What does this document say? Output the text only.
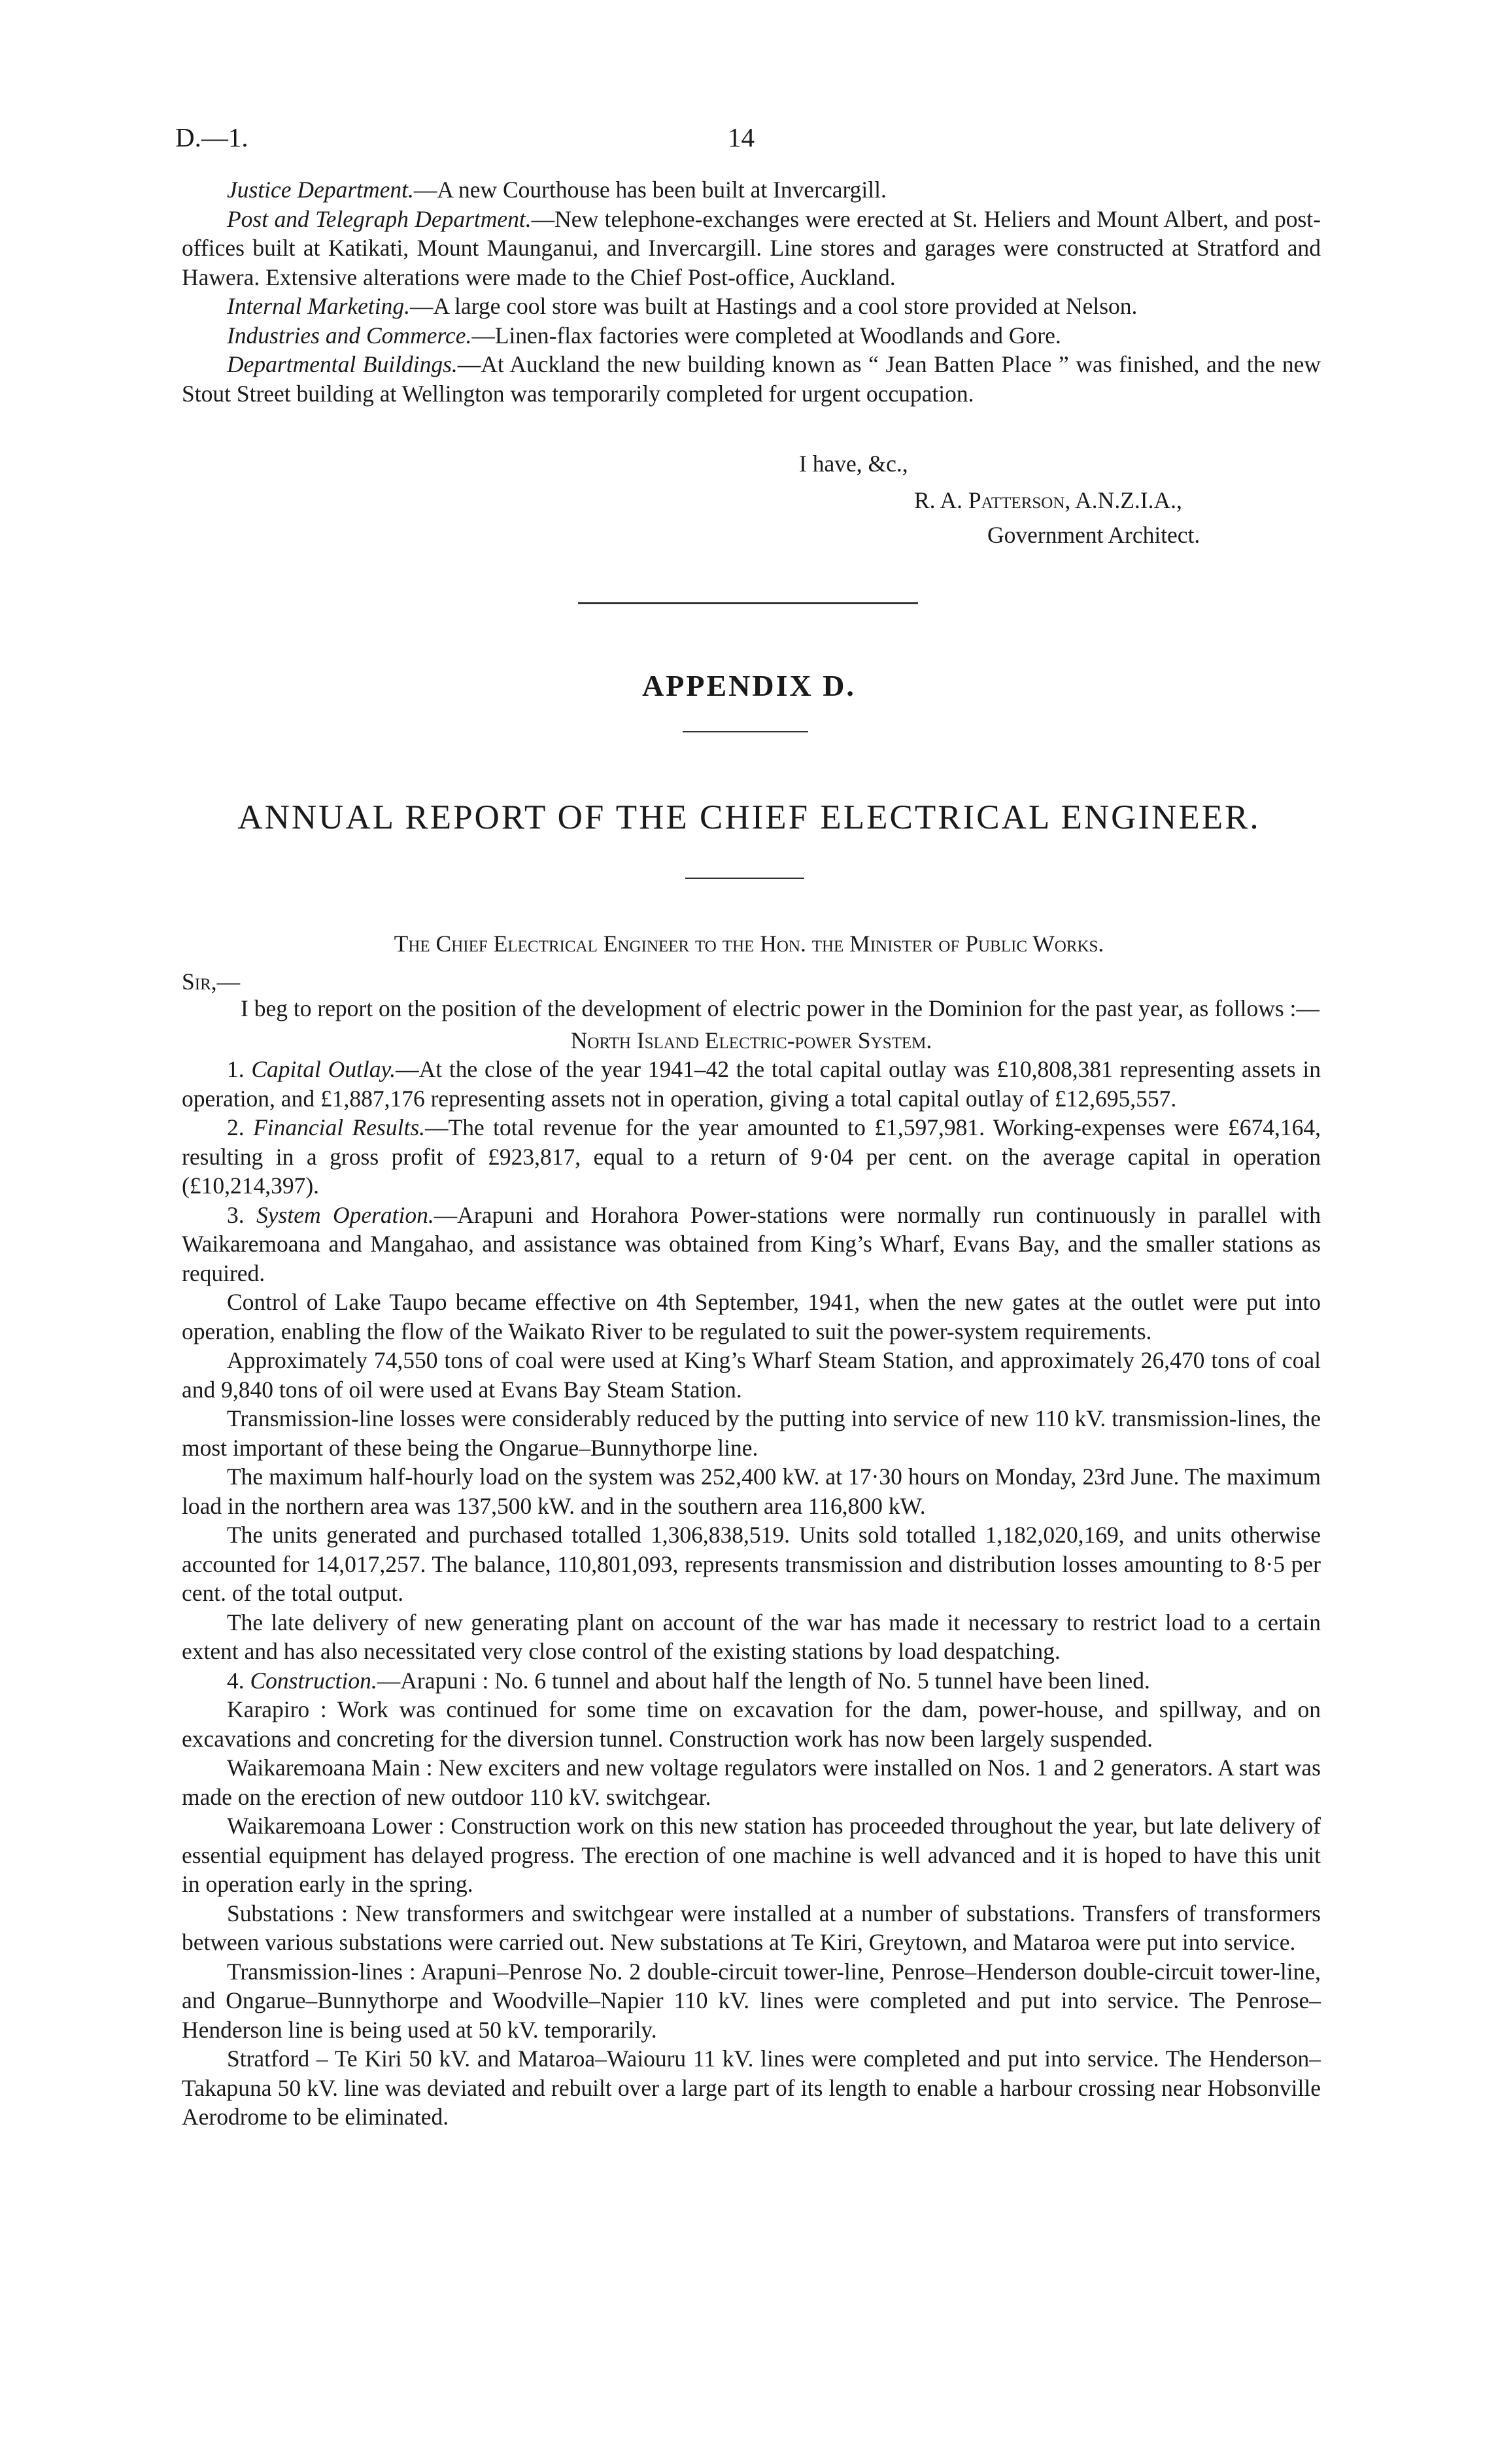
D.—1.	14

Justice Department.—A new Courthouse has been built at Invercargill.

Post and Telegraph Department.—New telephone-exchanges were erected at St. Heliers and Mount Albert, and post-offices built at Katikati, Mount Maunganui, and Invercargill. Line stores and garages were constructed at Stratford and Hawera. Extensive alterations were made to the Chief Post-office, Auckland.

Internal Marketing.—A large cool store was built at Hastings and a cool store provided at Nelson.

Industries and Commerce.—Linen-flax factories were completed at Woodlands and Gore.

Departmental Buildings.—At Auckland the new building known as “ Jean Batten Place ” was finished, and the new Stout Street building at Wellington was temporarily completed for urgent occupation.

I have, &c.,
R. A. Patterson, A.N.Z.I.A.,
Government Architect.
APPENDIX D.
ANNUAL REPORT OF THE CHIEF ELECTRICAL ENGINEER.
The Chief Electrical Engineer to the Hon. the Minister of Public Works.
Sir,—

I beg to report on the position of the development of electric power in the Dominion for the past year, as follows :—

North Island Electric-power System.

1. Capital Outlay.—At the close of the year 1941–42 the total capital outlay was £10,808,381 representing assets in operation, and £1,887,176 representing assets not in operation, giving a total capital outlay of £12,695,557.

2. Financial Results.—The total revenue for the year amounted to £1,597,981. Working-expenses were £674,164, resulting in a gross profit of £923,817, equal to a return of 9·04 per cent. on the average capital in operation (£10,214,397).

3. System Operation.—Arapuni and Horahora Power-stations were normally run continuously in parallel with Waikaremoana and Mangahao, and assistance was obtained from King’s Wharf, Evans Bay, and the smaller stations as required.

Control of Lake Taupo became effective on 4th September, 1941, when the new gates at the outlet were put into operation, enabling the flow of the Waikato River to be regulated to suit the power-system requirements.

Approximately 74,550 tons of coal were used at King’s Wharf Steam Station, and approximately 26,470 tons of coal and 9,840 tons of oil were used at Evans Bay Steam Station.

Transmission-line losses were considerably reduced by the putting into service of new 110 kV. transmission-lines, the most important of these being the Ongarue–Bunnythorpe line.

The maximum half-hourly load on the system was 252,400 kW. at 17·30 hours on Monday, 23rd June. The maximum load in the northern area was 137,500 kW. and in the southern area 116,800 kW.

The units generated and purchased totalled 1,306,838,519. Units sold totalled 1,182,020,169, and units otherwise accounted for 14,017,257. The balance, 110,801,093, represents transmission and distribution losses amounting to 8·5 per cent. of the total output.

The late delivery of new generating plant on account of the war has made it necessary to restrict load to a certain extent and has also necessitated very close control of the existing stations by load despatching.

4. Construction.—Arapuni : No. 6 tunnel and about half the length of No. 5 tunnel have been lined.

Karapiro : Work was continued for some time on excavation for the dam, power-house, and spillway, and on excavations and concreting for the diversion tunnel. Construction work has now been largely suspended.

Waikaremoana Main : New exciters and new voltage regulators were installed on Nos. 1 and 2 generators. A start was made on the erection of new outdoor 110 kV. switchgear.

Waikaremoana Lower : Construction work on this new station has proceeded throughout the year, but late delivery of essential equipment has delayed progress. The erection of one machine is well advanced and it is hoped to have this unit in operation early in the spring.

Substations : New transformers and switchgear were installed at a number of substations. Transfers of transformers between various substations were carried out. New substations at Te Kiri, Greytown, and Mataroa were put into service.

Transmission-lines : Arapuni–Penrose No. 2 double-circuit tower-line, Penrose–Henderson double-circuit tower-line, and Ongarue–Bunnythorpe and Woodville–Napier 110 kV. lines were completed and put into service. The Penrose–Henderson line is being used at 50 kV. temporarily.

Stratford – Te Kiri 50 kV. and Mataroa–Waiouru 11 kV. lines were completed and put into service. The Henderson–Takapuna 50 kV. line was deviated and rebuilt over a large part of its length to enable a harbour crossing near Hobsonville Aerodrome to be eliminated.
